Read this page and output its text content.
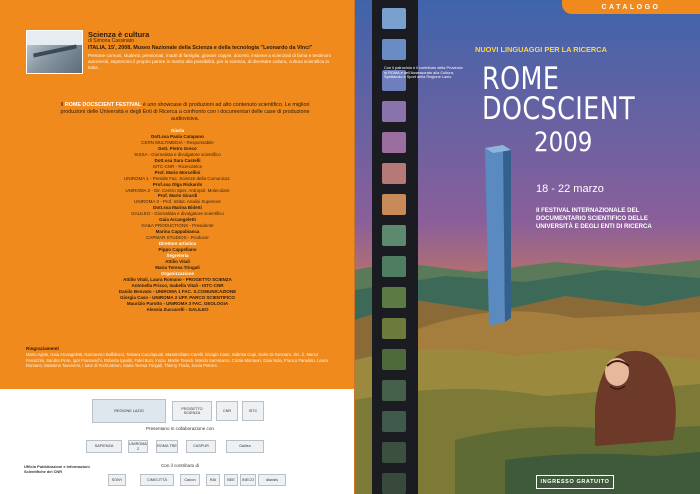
Scienza è cultura
di Simona Cassinato
ITALIA, 15', 2008, Museo Nazionale della Scienza e della tecnologia "Leonardo da Vinci"
Persone comuni, studenti, pensionati, madri di famiglia, giovani coppie, docenti, insieme a scienziati di fama e testimoni autorevoli, esprimono il proprio parere in merito alla possibilità, per la scienza, di diventare cultura, cultura scientifica in Italia.
Il ROME DOCSCIENT FESTIVAL è uno showcase di produzioni ad alto contenuto scientifico. Le migliori produzioni delle Università e degli Enti di Ricerca a confronto con i documentari delle case di produzione audiovisiva.
Giuria
Dott.ssa Paola Catapano
CERN MULTIMEDIA - Responsabile
Dott. Pietro Greco
SISSA - Giornalista e divulgatore scientifico
Dott.ssa Sara Castelli
ISTC-CNR - Ricercatrice
Prof. Mario Morcellini
UNIROMA 1 - Preside Fac. Scienze della Comunicaz.
Prof.ssa Olga Rickards
UNIROMA 2 - Dir. Centro Sper. Antropol. Molecolare
Prof. Mario Girardi
UNIROMA 3 - Prof. Intitut. Analisi Superiore
Dott.ssa Marina Bidetti
GALILEO - Giornalista e divulgatore scientifico
Gaia Arcangeletti
GA&A PRODUCTIONS - Presidente
Marina Cappabianca
CAPMAR STUDIOS - Producer
Direttore artistico
Pippo Cappellano
Segreteria
Attilio Vitali
Maria Teresa Tringali
Organizzazione
Attilio Vitali, Laura Romano - PROGETTO SCIENZA
Antonella Prisco, Isabella Vitali - ISTC-CNR
Danilo Benvato - UNIROMA 1 FAC. S.COMUNICAZIONE
Giorgia Caso - UNIROMA 2 UFF. PARCO SCIENTIFICO
Maurizio Parotto - UNIROMA 3 FAC. GEOLOGIA
Alessia Zuccarelli - GALILEO
Ringraziamenti
Mario Agnis, Gaia Arcangeletti, Nazzareno Buffalucci, Tamara Cacciapuoti, Massimiliano Carelli, Giorgio Caso, Sabrina Cupi, Dario Di Gennaro, dei...li, Marco Fenazzini, Sandra Fiore, Igor Franceschi, Roberta Ippoliti, Fidel Buzi, Inozu, Martin Tenedi, Mondo Sammarco, Cinzia Montuori, Gaia Nola, Franco Paradiso, Laura Romano, Massimo Tavenemi, I tutor di Technotown, Maria Teresa Tringali, Thierry Trodo, Sonia Petroni.
REGIONE LAZIO
PROGETTO SCIENZA
CNR	ISTC
Presentano in collaborazione con
SAPIENZA
UNIROMA 2
ROMA TRE	CASPUR	Galileo
Con il contributo di
Ufficio Pubblicazioni e Informazioni Scientifiche del CNR
SONY	CINECITTÀ	Canon	RAI	BEE	INECO	dlandis
CATALOGO
NUOVI LINGUAGGI PER LA RICERCA
Con il patrocinio e il contributo della Provincia di ROMA e dell'Assessorato alla Cultura, Spettacolo e Sport della Regione Lazio ROME
DOCSCIENT
2009
18 - 22 marzo
II FESTIVAL INTERNAZIONALE DEL DOCUMENTARIO SCIENTIFICO DELLE UNIVERSITÀ E DEGLI ENTI DI RICERCA
INGRESSO GRATUITO
